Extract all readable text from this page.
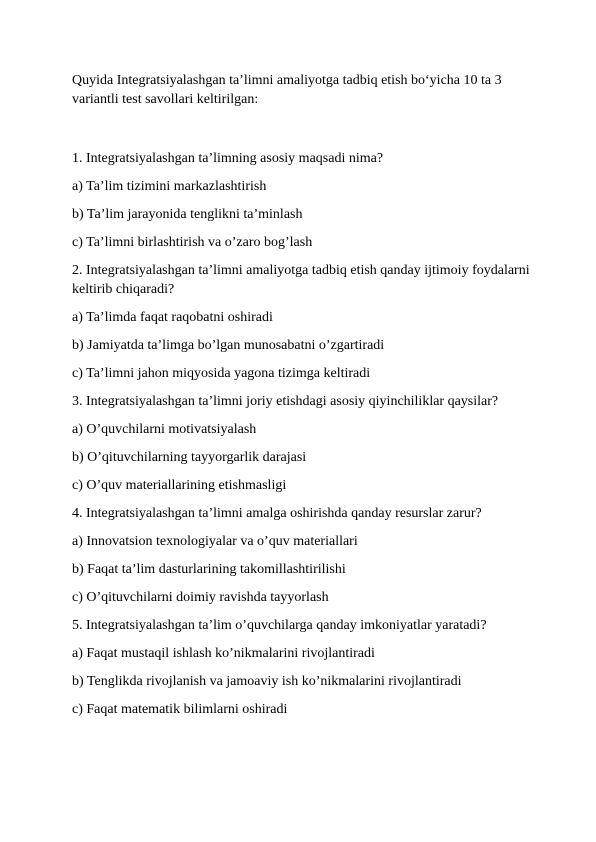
Quyida Integratsiyalashgan ta’limni amaliyotga tadbiq etish bo‘yicha 10 ta 3 variantli test savollari keltirilgan:
1. Integratsiyalashgan ta’limning asosiy maqsadi nima?
a) Ta’lim tizimini markazlashtirish
b) Ta’lim jarayonida tenglikni ta’minlash
c) Ta’limni birlashtirish va o’zaro bog’lash
2. Integratsiyalashgan ta’limni amaliyotga tadbiq etish qanday ijtimoiy foydalarni keltirib chiqaradi?
a) Ta’limda faqat raqobatni oshiradi
b) Jamiyatda ta’limga bo’lgan munosabatni o’zgartiradi
c) Ta’limni jahon miqyosida yagona tizimga keltiradi
3. Integratsiyalashgan ta’limni joriy etishdagi asosiy qiyinchiliklar qaysilar?
a) O’quvchilarni motivatsiyalash
b) O’qituvchilarning tayyorgarlik darajasi
c) O’quv materiallarining etishmasligi
4. Integratsiyalashgan ta’limni amalga oshirishda qanday resurslar zarur?
a) Innovatsion texnologiyalar va o’quv materiallari
b) Faqat ta’lim dasturlarining takomillashtirilishi
c) O’qituvchilarni doimiy ravishda tayyorlash
5. Integratsiyalashgan ta’lim o’quvchilarga qanday imkoniyatlar yaratadi?
a) Faqat mustaqil ishlash ko’nikmalarini rivojlantiradi
b) Tenglikda rivojlanish va jamoaviy ish ko’nikmalarini rivojlantiradi
c) Faqat matematik bilimlarni oshiradi
